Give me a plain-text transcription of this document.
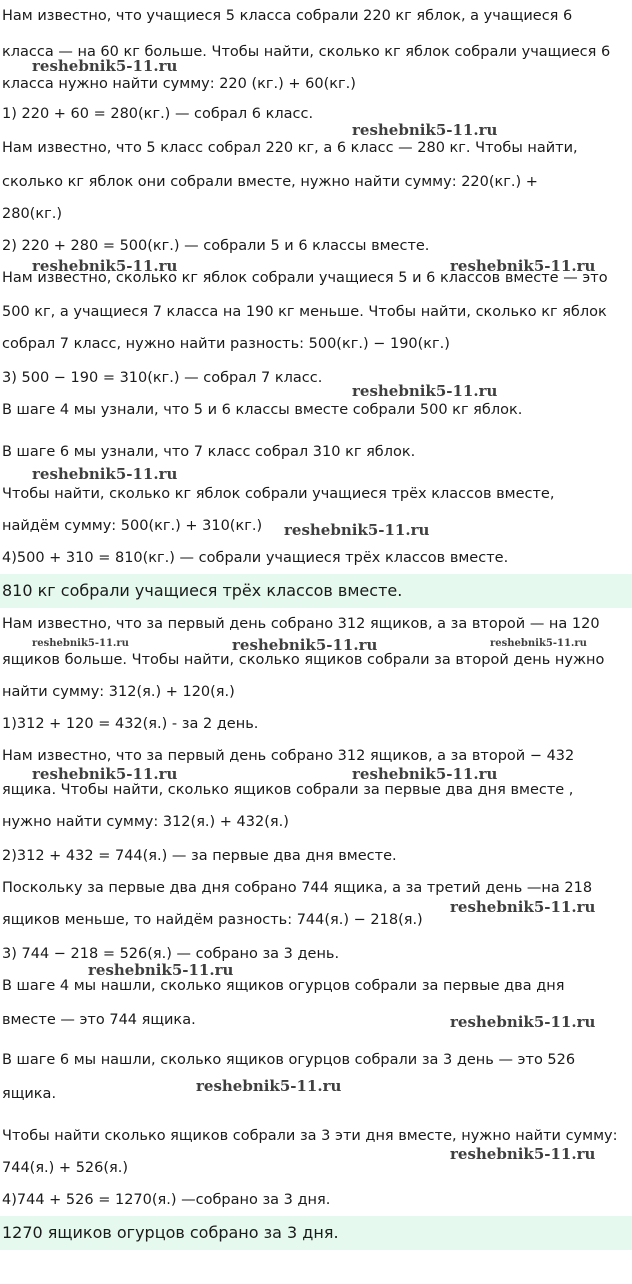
Нам известно, что учащиеся 5 класса собрали 220 кг яблок, а учащиеся 6
класса — на 60 кг больше. Чтобы найти, сколько кг яблок собрали учащиеся 6
класса нужно найти сумму: 220 (кг.) + 60(кг.)
1) 220 + 60 = 280(кг.) — собрал 6 класс.
Нам известно, что 5 класс собрал 220 кг, а 6 класс — 280 кг. Чтобы найти,
сколько кг яблок они собрали вместе, нужно найти сумму: 220(кг.) +
280(кг.)
2) 220 + 280 = 500(кг.) — собрали 5 и 6 классы вместе.
Нам известно, сколько кг яблок собрали учащиеся 5 и 6 классов вместе — это
500 кг, а учащиеся 7 класса на 190 кг меньше. Чтобы найти, сколько кг яблок
собрал 7 класс, нужно найти разность: 500(кг.) − 190(кг.)
3) 500 − 190 = 310(кг.) — собрал 7 класс.
В шаге 4 мы узнали, что 5 и 6 классы вместе собрали 500 кг яблок.
В шаге 6 мы узнали, что 7 класс собрал 310 кг яблок.
Чтобы найти, сколько кг яблок собрали учащиеся трёх классов вместе,
найдём сумму: 500(кг.) + 310(кг.)
4)500 + 310 = 810(кг.) — собрали учащиеся трёх классов вместе.
810 кг собрали учащиеся трёх классов вместе.
Нам известно, что за первый день собрано 312 ящиков, а за второй — на 120
ящиков больше. Чтобы найти, сколько ящиков собрали за второй день нужно
найти сумму: 312(я.) + 120(я.)
1)312 + 120 = 432(я.) - за 2 день.
Нам известно, что за первый день собрано 312 ящиков, а за второй − 432
ящика. Чтобы найти, сколько ящиков собрали за первые два дня вместе ,
нужно найти сумму: 312(я.) + 432(я.)
2)312 + 432 = 744(я.) — за первые два дня вместе.
Поскольку за первые два дня собрано 744 ящика, а за третий день —на 218
ящиков меньше, то найдём разность: 744(я.) − 218(я.)
3) 744 − 218 = 526(я.) — собрано за 3 день.
В шаге 4 мы нашли, сколько ящиков огурцов собрали за первые два дня
вместе — это 744 ящика.
В шаге 6 мы нашли, сколько ящиков огурцов собрали за 3 день — это 526
ящика.
Чтобы найти сколько ящиков собрали за 3 эти дня вместе, нужно найти сумму:
744(я.) + 526(я.)
4)744 + 526 = 1270(я.) —собрано за 3 дня.
1270 ящиков огурцов собрано за 3 дня.
reshebnik5-11.ru
reshebnik5-11.ru
reshebnik5-11.ru	reshebnik5-11.ru
reshebnik5-11.ru
reshebnik5-11.ru
reshebnik5-11.ru
reshebnik5-11.ru	reshebnik5-11.ru	reshebnik5-11.ru
reshebnik5-11.ru	reshebnik5-11.ru
reshebnik5-11.ru
reshebnik5-11.ru
reshebnik5-11.ru
reshebnik5-11.ru
reshebnik5-11.ru
